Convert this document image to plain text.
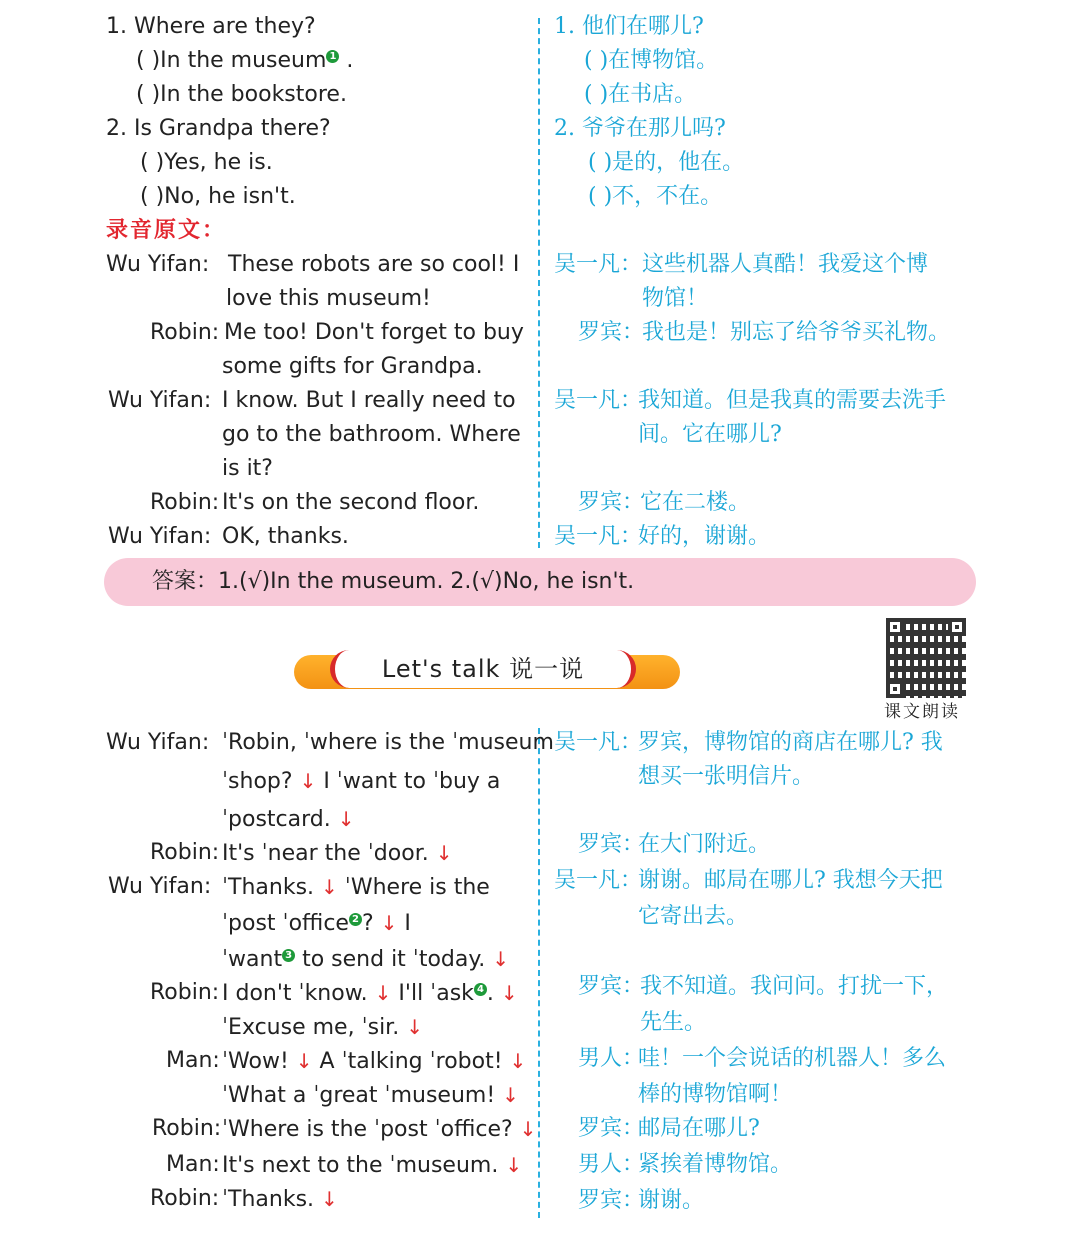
1. Where are they?
( )In the museum 1 .
( )In the bookstore.
2. Is Grandpa there?
( )Yes, he is.
( )No, he isn't.
1. 他们在哪儿?
( )在博物馆。
( )在书店。
2. 爷爷在那儿吗?
( )是的，他在。
( )不，不在。
录音原文：
Wu Yifan: These robots are so cool! I
love this museum!
Robin: Me too! Don't forget to buy
some gifts for Grandpa.
Wu Yifan: I know. But I really need to
go to the bathroom. Where
is it?
Robin: It's on the second floor.
Wu Yifan: OK, thanks.
吴一凡： 这些机器人真酷！我爱这个博
物馆！
罗宾：
我也是！别忘了给爷爷买礼物。
吴一凡：
我知道。但是我真的需要去洗手
间。它在哪儿?
罗宾：
它在二楼。
吴一凡：
好的，谢谢。
答案：1.(√)In the museum. 2.(√)No, he isn't.
Let's talk 说一说
课文朗读
Wu Yifan: ˈRobin, ˈwhere is the ˈmuseum
ˈshop? ↓ I ˈwant to ˈbuy a
ˈpostcard. ↓
Robin: It's ˈnear the ˈdoor. ↓
Wu Yifan: ˈThanks. ↓ ˈWhere is the
ˈpost ˈoffice 2 ? ↓ I
ˈwant 3 to send it ˈtoday. ↓
Robin: I don't ˈknow. ↓ I'll ˈask 4 . ↓
ˈExcuse me, ˈsir. ↓
Man: ˈWow! ↓ A ˈtalking ˈrobot! ↓
ˈWhat a ˈgreat ˈmuseum! ↓
Robin: ˈWhere is the ˈpost ˈoffice? ↓
Man: It's next to the ˈmuseum. ↓
Robin: ˈThanks. ↓
吴一凡：
罗宾，博物馆的商店在哪儿? 我
想买一张明信片。
罗宾：
在大门附近。
吴一凡：
谢谢。邮局在哪儿? 我想今天把
它寄出去。
罗宾：
我不知道。我问问。打扰一下，
先生。
男人：
哇！一个会说话的机器人！多么
棒的博物馆啊！
罗宾：
邮局在哪儿?
男人：
紧挨着博物馆。
罗宾：
谢谢。
